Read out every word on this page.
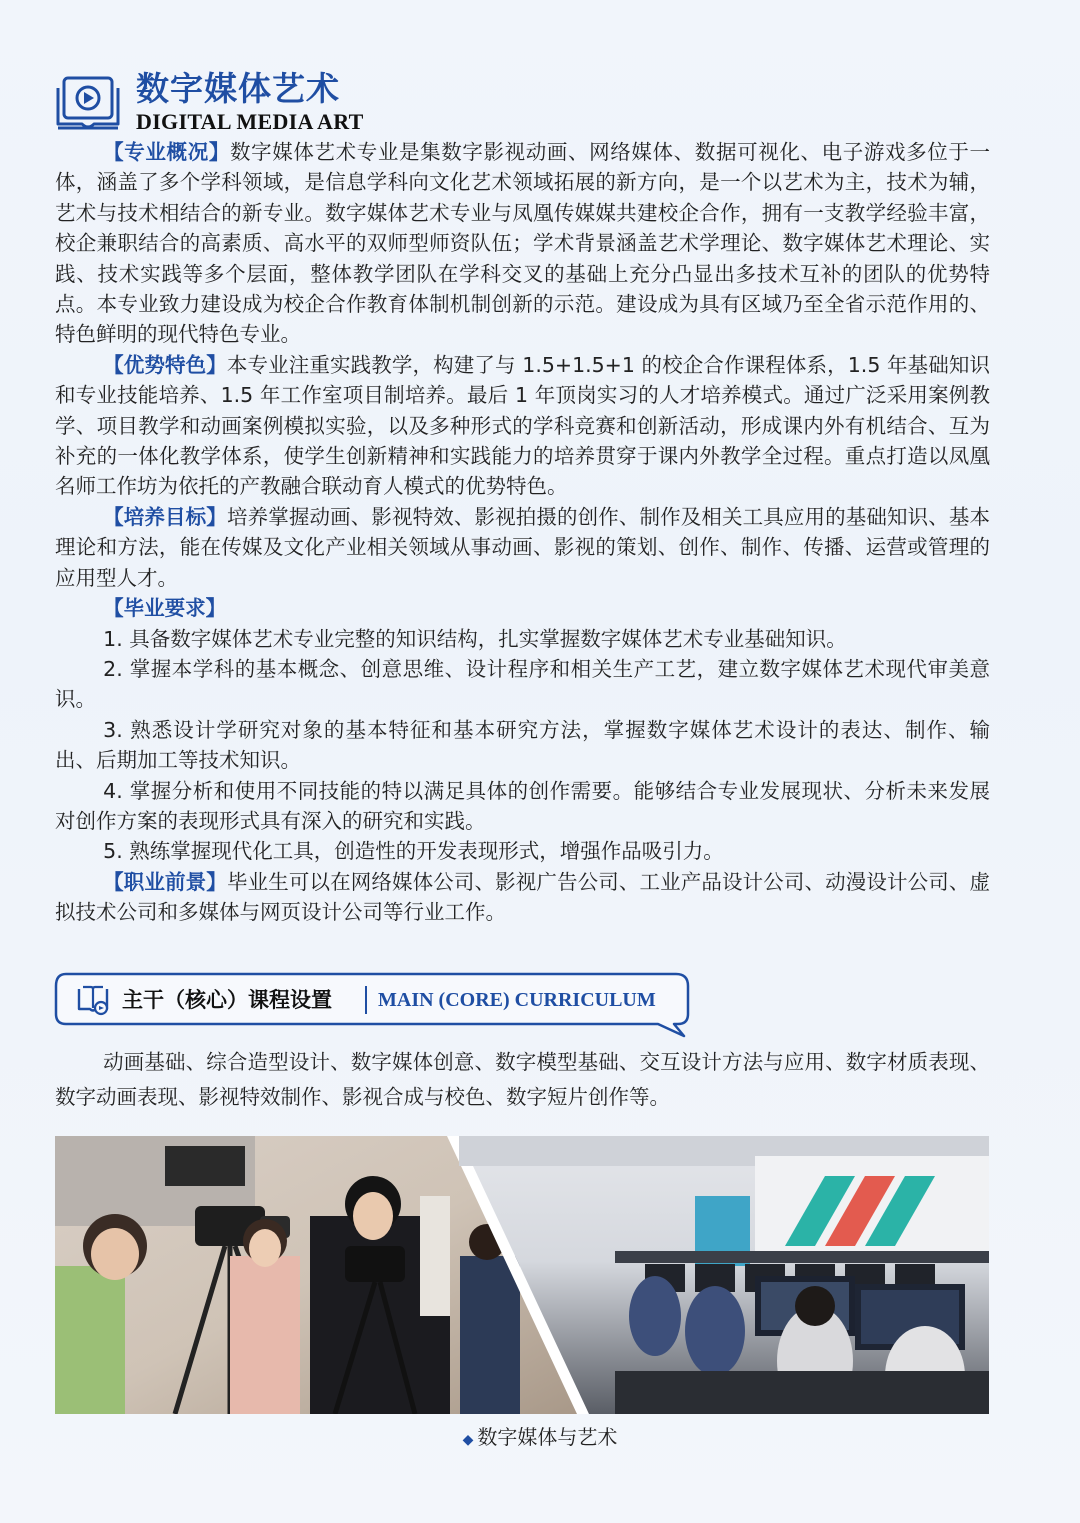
数字媒体艺术
DIGITAL MEDIA ART

【专业概况】数字媒体艺术专业是集数字影视动画、网络媒体、数据可视化、电子游戏多位于一体，涵盖了多个学科领域，是信息学科向文化艺术领域拓展的新方向，是一个以艺术为主，技术为辅，艺术与技术相结合的新专业。数字媒体艺术专业与凤凰传媒媒共建校企合作，拥有一支教学经验丰富，校企兼职结合的高素质、高水平的双师型师资队伍；学术背景涵盖艺术学理论、数字媒体艺术理论、实践、技术实践等多个层面，整体教学团队在学科交叉的基础上充分凸显出多技术互补的团队的优势特点。本专业致力建设成为校企合作教育体制机制创新的示范。建设成为具有区域乃至全省示范作用的、特色鲜明的现代特色专业。

【优势特色】本专业注重实践教学，构建了与 1.5+1.5+1 的校企合作课程体系，1.5 年基础知识和专业技能培养、1.5 年工作室项目制培养。最后 1 年顶岗实习的人才培养模式。通过广泛采用案例教学、项目教学和动画案例模拟实验，以及多种形式的学科竞赛和创新活动，形成课内外有机结合、互为补充的一体化教学体系，使学生创新精神和实践能力的培养贯穿于课内外教学全过程。重点打造以凤凰名师工作坊为依托的产教融合联动育人模式的优势特色。

【培养目标】培养掌握动画、影视特效、影视拍摄的创作、制作及相关工具应用的基础知识、基本理论和方法，能在传媒及文化产业相关领域从事动画、影视的策划、创作、制作、传播、运营或管理的应用型人才。

【毕业要求】

1. 具备数字媒体艺术专业完整的知识结构，扎实掌握数字媒体艺术专业基础知识。

2. 掌握本学科的基本概念、创意思维、设计程序和相关生产工艺，建立数字媒体艺术现代审美意识。

3. 熟悉设计学研究对象的基本特征和基本研究方法，掌握数字媒体艺术设计的表达、制作、输出、后期加工等技术知识。

4. 掌握分析和使用不同技能的特以满足具体的创作需要。能够结合专业发展现状、分析未来发展对创作方案的表现形式具有深入的研究和实践。

5. 熟练掌握现代化工具，创造性的开发表现形式，增强作品吸引力。

【职业前景】毕业生可以在网络媒体公司、影视广告公司、工业产品设计公司、动漫设计公司、虚拟技术公司和多媒体与网页设计公司等行业工作。

主干（核心）课程设置 MAIN (CORE) CURRICULUM

动画基础、综合造型设计、数字媒体创意、数字模型基础、交互设计方法与应用、数字材质表现、数字动画表现、影视特效制作、影视合成与校色、数字短片创作等。

◆ 数字媒体与艺术
